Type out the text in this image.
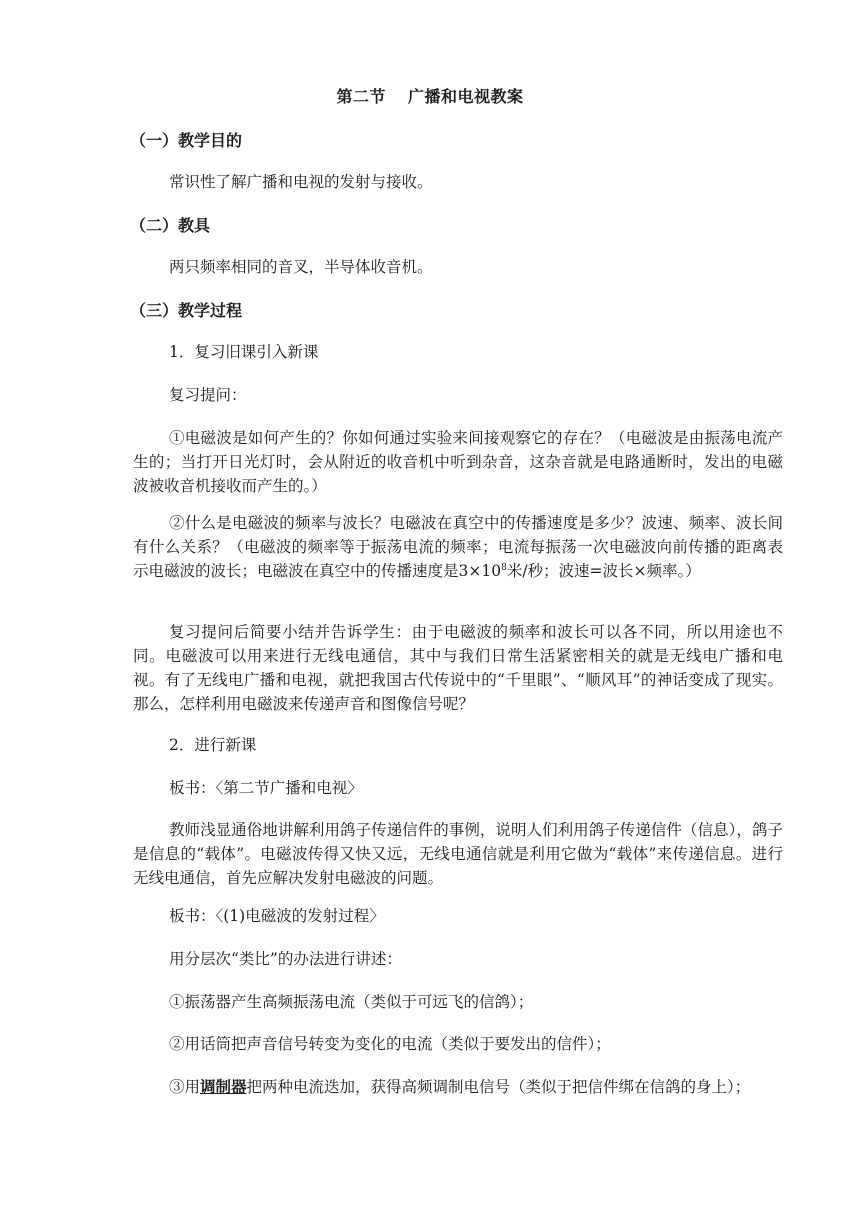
第二节 广播和电视教案
（一）教学目的
常识性了解广播和电视的发射与接收。
（二）教具
两只频率相同的音叉，半导体收音机。
（三）教学过程
1．复习旧课引入新课
复习提问：
①电磁波是如何产生的？你如何通过实验来间接观察它的存在？（电磁波是由振荡电流产生的；当打开日光灯时，会从附近的收音机中听到杂音，这杂音就是电路通断时，发出的电磁波被收音机接收而产生的。）
②什么是电磁波的频率与波长？电磁波在真空中的传播速度是多少？波速、频率、波长间有什么关系？（电磁波的频率等于振荡电流的频率；电流每振荡一次电磁波向前传播的距离表示电磁波的波长；电磁波在真空中的传播速度是$3\times 10^8$米/秒；波速=波长×频率。）
复习提问后简要小结并告诉学生：由于电磁波的频率和波长可以各不同，所以用途也不同。电磁波可以用来进行无线电通信，其中与我们日常生活紧密相关的就是无线电广播和电视。有了无线电广播和电视，就把我国古代传说中的“千里眼”、“顺风耳”的神话变成了现实。那么，怎样利用电磁波来传递声音和图像信号呢？
2．进行新课
板书：〈第二节广播和电视〉
教师浅显通俗地讲解利用鸽子传递信件的事例，说明人们利用鸽子传递信件（信息），鸽子是信息的“载体”。电磁波传得又快又远，无线电通信就是利用它做为“载体”来传递信息。进行无线电通信，首先应解决发射电磁波的问题。
板书：〈(1)电磁波的发射过程〉
用分层次“类比”的办法进行讲述：
①振荡器产生高频振荡电流（类似于可远飞的信鸽）；
②用话筒把声音信号转变为变化的电流（类似于要发出的信件）；
③用调制器把两种电流迭加，获得高频调制电信号（类似于把信件绑在信鸽的身上）；
